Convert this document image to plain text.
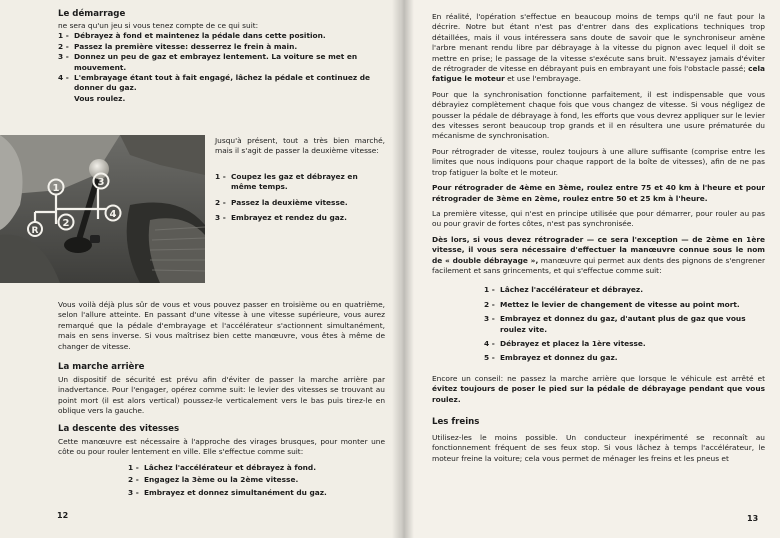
Le démarrage

ne sera qu'un jeu si vous tenez compte de ce qui suit:

1 - Débrayez à fond et maintenez la pédale dans cette position.
2 - Passez la première vitesse: desserrez le frein à main.
3 - Donnez un peu de gaz et embrayez lentement. La voiture se met en mouvement.
4 - L'embrayage étant tout à fait engagé, lâchez la pédale et continuez de donner du gaz.

Vous roulez.

1
2
3
4
R

Jusqu'à présent, tout a très bien marché, mais il s'agit de passer la deuxième vitesse:

1 - Coupez les gaz et débrayez en même temps.
2 - Passez la deuxième vitesse.
3 - Embrayez et rendez du gaz.

Vous voilà déjà plus sûr de vous et vous pouvez passer en troisième ou en quatrième, selon l'allure atteinte. En passant d'une vitesse à une vitesse supérieure, vous aurez remarqué que la pédale d'embrayage et l'accélérateur s'actionnent simultanément, mais en sens inverse. Si vous maîtrisez bien cette manœuvre, vous êtes à même de changer de vitesse.

La marche arrière

Un dispositif de sécurité est prévu afin d'éviter de passer la marche arrière par inadvertance. Pour l'engager, opérez comme suit: le levier des vitesses se trouvant au point mort (il est alors vertical) poussez-le verticalement vers le bas puis tirez-le en oblique vers la gauche.

La descente des vitesses

Cette manœuvre est nécessaire à l'approche des virages brusques, pour monter une côte ou pour rouler lentement en ville. Elle s'effectue comme suit:

1 - Lâchez l'accélérateur et débrayez à fond.
2 - Engagez la 3ème ou la 2ème vitesse.
3 - Embrayez et donnez simultanément du gaz.
12

En réalité, l'opération s'effectue en beaucoup moins de temps qu'il ne faut pour la décrire. Notre but étant n'est pas d'entrer dans des explications techniques trop détaillées, mais il vous intéressera sans doute de savoir que le synchroniseur amène l'arbre menant rendu libre par débrayage à la vitesse du pignon avec lequel il doit se mettre en prise; le passage de la vitesse s'exécute sans bruit. N'essayez jamais d'éviter de rétrograder de vitesse en débrayant puis en embrayant une fois l'obstacle passé; cela fatigue le moteur et use l'embrayage.

Pour que la synchronisation fonctionne parfaitement, il est indispensable que vous débrayiez complètement chaque fois que vous changez de vitesse. Si vous négligez de pousser la pédale de débrayage à fond, les efforts que vous devrez appliquer sur le levier des vitesses seront beaucoup trop grands et il en résultera une usure prématurée du mécanisme de synchronisation.

Pour rétrograder de vitesse, roulez toujours à une allure suffisante (comprise entre les limites que nous indiquons pour chaque rapport de la boîte de vitesses), afin de ne pas trop fatiguer la boîte et le moteur.

Pour rétrograder de 4ème en 3ème, roulez entre 75 et 40 km à l'heure et pour rétrograder de 3ème en 2ème, roulez entre 50 et 25 km à l'heure.

La première vitesse, qui n'est en principe utilisée que pour démarrer, pour rouler au pas ou pour gravir de fortes côtes, n'est pas synchronisée.

Dès lors, si vous devez rétrograder — ce sera l'exception — de 2ème en 1ère vitesse, il vous sera nécessaire d'effectuer la manœuvre connue sous le nom de « double débrayage », manœuvre qui permet aux dents des pignons de s'engrener facilement et sans grincements, et qui s'effectue comme suit:

1 - Lâchez l'accélérateur et débrayez.
2 - Mettez le levier de changement de vitesse au point mort.
3 - Embrayez et donnez du gaz, d'autant plus de gaz que vous roulez vite.
4 - Débrayez et placez la 1ère vitesse.
5 - Embrayez et donnez du gaz.

Encore un conseil: ne passez la marche arrière que lorsque le véhicule est arrêté et évitez toujours de poser le pied sur la pédale de débrayage pendant que vous roulez.

Les freins

Utilisez-les le moins possible. Un conducteur inexpérimenté se reconnaît au fonctionnement fréquent de ses feux stop. Si vous lâchez à temps l'accélérateur, le moteur freine la voiture; cela vous permet de ménager les freins et les pneus et

13
